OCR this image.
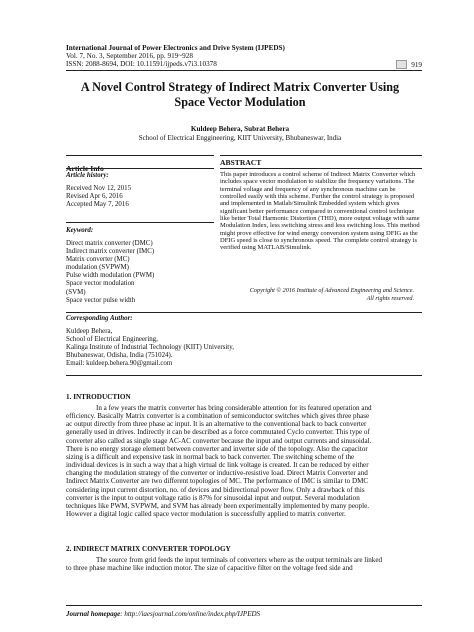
International Journal of Power Electronics and Drive System (IJPEDS)
Vol. 7, No. 3, September 2016, pp. 919~928
ISSN: 2088-8694, DOI: 10.11591/ijpeds.v7i3.10378	919
A Novel Control Strategy of Indirect Matrix Converter Using
Space Vector Modulation
Kuldeep Behera, Subrat Behera
School of Electrical Enggineering, KIIT University, Bhubaneswar, India
Article Info
Article history:
Received Nov 12, 2015
Revised Apr 6, 2016
Accepted May 7, 2016
Keyword:
Direct matrix converter (DMC)
Indirect matrix converter (IMC)
Matrix converter (MC)
modulation (SVPWM)
Pulse width modulation (PWM)
Space vector modulation
(SVM)
Space vector pulse width
ABSTRACT
This paper introduces a control scheme of Indirect Matrix Converter which
includes space vector modulation to stabilize the frequency variations. The
terminal voltage and frequency of any synchronous machine can be
controlled easily with this scheme. Further the control strategy is proposed
and implemented in Matlab/Simulink Embedded system which gives
significant better performance compared to conventional control technique
like better Total Harmonic Distortion (THD), more output voltage with same
Modulation Index, less switching stress and less switching loss. This method
might prove effective for wind energy conversion system using DFIG as the
DFIG speed is close to synchronous speed. The complete control strategy is
verified using MATLAB/Simulink.
Copyright © 2016 Institute of Advanced Engineering and Science.
All rights reserved.
Corresponding Author:
Kuldeep Behera,
School of Electrical Engineering,
Kalinga Institute of Industrial Technology (KIIT) University,
Bhubaneswar, Odisha, India (751024).
Email: kuldeep.behera.90@gmail.com
1. INTRODUCTION
In a few years the matrix converter has bring considerable attention for its featured operation and
efficiency. Basically Matrix converter is a combination of semiconductor switches which gives three phase
ac output directly from three phase ac input. It is an alternative to the conventional back to back converter
generally used in drives. Indirectly it can be described as a force commutated Cyclo converter. This type of
converter also called as single stage AC-AC converter because the input and output currents and sinusoidal.
There is no energy storage element between converter and inverter side of the topology. Also the capacitor
sizing is a difficult and expensive task in normal back to back converter. The switching scheme of the
individual devices is in such a way that a high virtual dc link voltage is created. It can be reduced by either
changing the modulation strategy of the converter or inductive-resistive load. Direct Matrix Converter and
Indirect Matrix Converter are two different topologies of MC. The performance of IMC is similar to DMC
considering input current distortion, no. of devices and bidirectional power flow. Only a drawback of this
converter is the input to output voltage ratio is 87% for sinusoidal input and output. Several modulation
techniques like PWM, SVPWM, and SVM has already been experimentally implemented by many people.
However a digital logic called space vector modulation is successfully applied to matrix converter.
2. INDIRECT MATRIX CONVERTER TOPOLOGY
The source from grid feeds the input terminals of converters where as the output terminals are linked
to three phase machine like induction motor. The size of capacitive filter on the voltage feed side and
Journal homepage: http://iaesjournal.com/online/index.php/IJPEDS
